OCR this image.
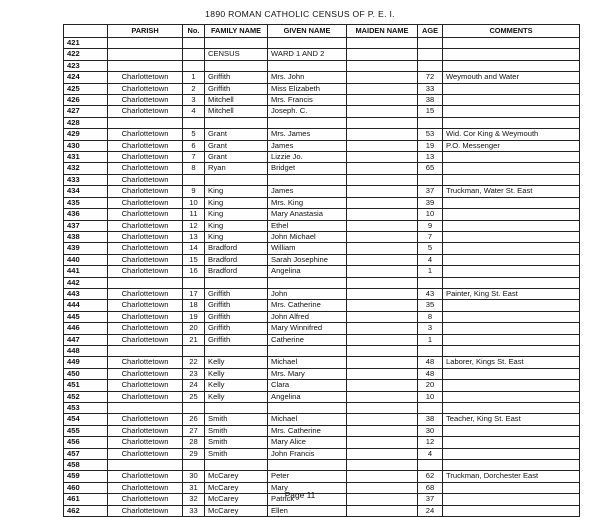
1890 ROMAN CATHOLIC CENSUS OF P. E. I.
	PARISH	No.	FAMILY NAME	GIVEN NAME	MAIDEN NAME	AGE	COMMENTS
421							
422			CENSUS	WARD 1 AND 2			
423							
424	Charlottetown	1	Griffith	Mrs. John		72	Weymouth and Water
425	Charlottetown	2	Griffith	Miss Elizabeth		33	
426	Charlottetown	3	Mitchell	Mrs. Francis		38	
427	Charlottetown	4	Mitchell	Joseph. C.		15	
428							
429	Charlottetown	5	Grant	Mrs. James		53	Wid. Cor King & Weymouth
430	Charlottetown	6	Grant	James		19	P.O. Messenger
431	Charlottetown	7	Grant	Lizzie Jo.		13	
432	Charlottetown	8	Ryan	Bridget		65	
433	Charlottetown						
434	Charlottetown	9	King	James		37	Truckman, Water St. East
435	Charlottetown	10	King	Mrs. King		39	
436	Charlottetown	11	King	Mary Anastasia		10	
437	Charlottetown	12	King	Ethel		9	
438	Charlottetown	13	King	John Michael		7	
439	Charlottetown	14	Bradford	William		5	
440	Charlottetown	15	Bradford	Sarah Josephine		4	
441	Charlottetown	16	Bradford	Angelina		1	
442							
443	Charlottetown	17	Griffith	John		43	Painter, King St. East
444	Charlottetown	18	Griffith	Mrs. Catherine		35	
445	Charlottetown	19	Griffith	John Alfred		8	
446	Charlottetown	20	Griffith	Mary Winnifred		3	
447	Charlottetown	21	Griffith	Catherine		1	
448							
449	Charlottetown	22	Kelly	Michael		48	Laborer, Kings St. East
450	Charlottetown	23	Kelly	Mrs. Mary		48	
451	Charlottetown	24	Kelly	Clara		20	
452	Charlottetown	25	Kelly	Angelina		10	
453							
454	Charlottetown	26	Smith	Michael		38	Teacher, King St. East
455	Charlottetown	27	Smith	Mrs. Catherine		30	
456	Charlottetown	28	Smith	Mary Alice		12	
457	Charlottetown	29	Smith	John Francis		4	
458							
459	Charlottetown	30	McCarey	Peter		62	Truckman, Dorchester East
460	Charlottetown	31	McCarey	Mary		68	
461	Charlottetown	32	McCarey	Patrick		37	
462	Charlottetown	33	McCarey	Ellen		24	
Page 11
